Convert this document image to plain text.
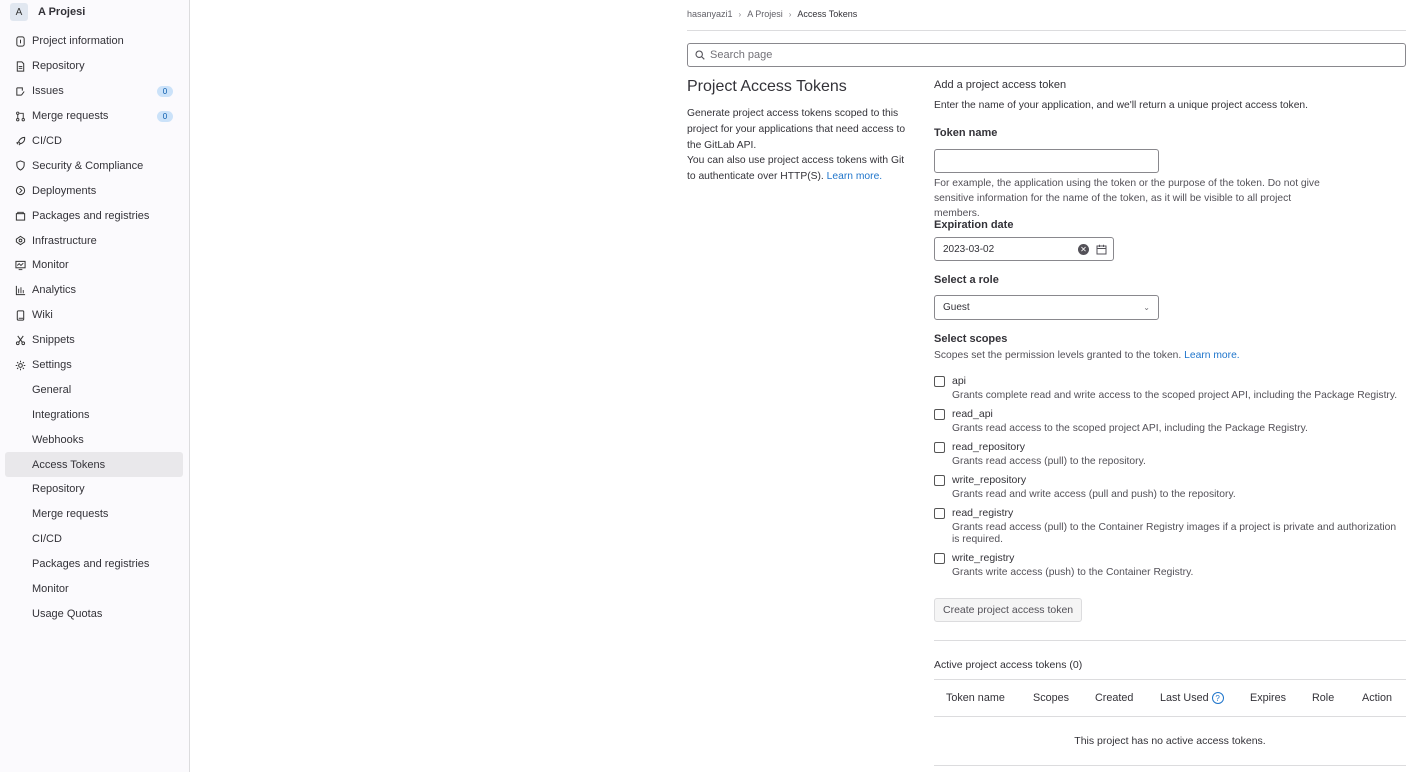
A	A Projesi
Project information
Repository
Issues	0
Merge requests	0
CI/CD
Security & Compliance
Deployments
Packages and registries
Infrastructure
Monitor
Analytics
Wiki
Snippets
Settings
General
Integrations
Webhooks
Access Tokens
Repository
Merge requests
CI/CD
Packages and registries
Monitor
Usage Quotas
hasanyazi1 › A Projesi › Access Tokens
Search page
Project Access Tokens

Generate project access tokens scoped to this project for your applications that need access to the GitLab API.
You can also use project access tokens with Git to authenticate over HTTP(S). Learn more.

Add a project access token
Enter the name of your application, and we'll return a unique project access token.
Token name
For example, the application using the token or the purpose of the token. Do not give sensitive information for the name of the token, as it will be visible to all project members.
Expiration date
2023-03-02	✕
Select a role
Guest	⌄
Select scopes
Scopes set the permission levels granted to the token. Learn more.
api
Grants complete read and write access to the scoped project API, including the Package Registry.
read_api
Grants read access to the scoped project API, including the Package Registry.
read_repository
Grants read access (pull) to the repository.
write_repository
Grants read and write access (pull and push) to the repository.
read_registry
Grants read access (pull) to the Container Registry images if a project is private and authorization is required.
write_registry
Grants write access (push) to the Container Registry.
Create project access token
Active project access tokens (0)
Token name	Scopes Created Last Used ?	Expires Role	Action
This project has no active access tokens.
